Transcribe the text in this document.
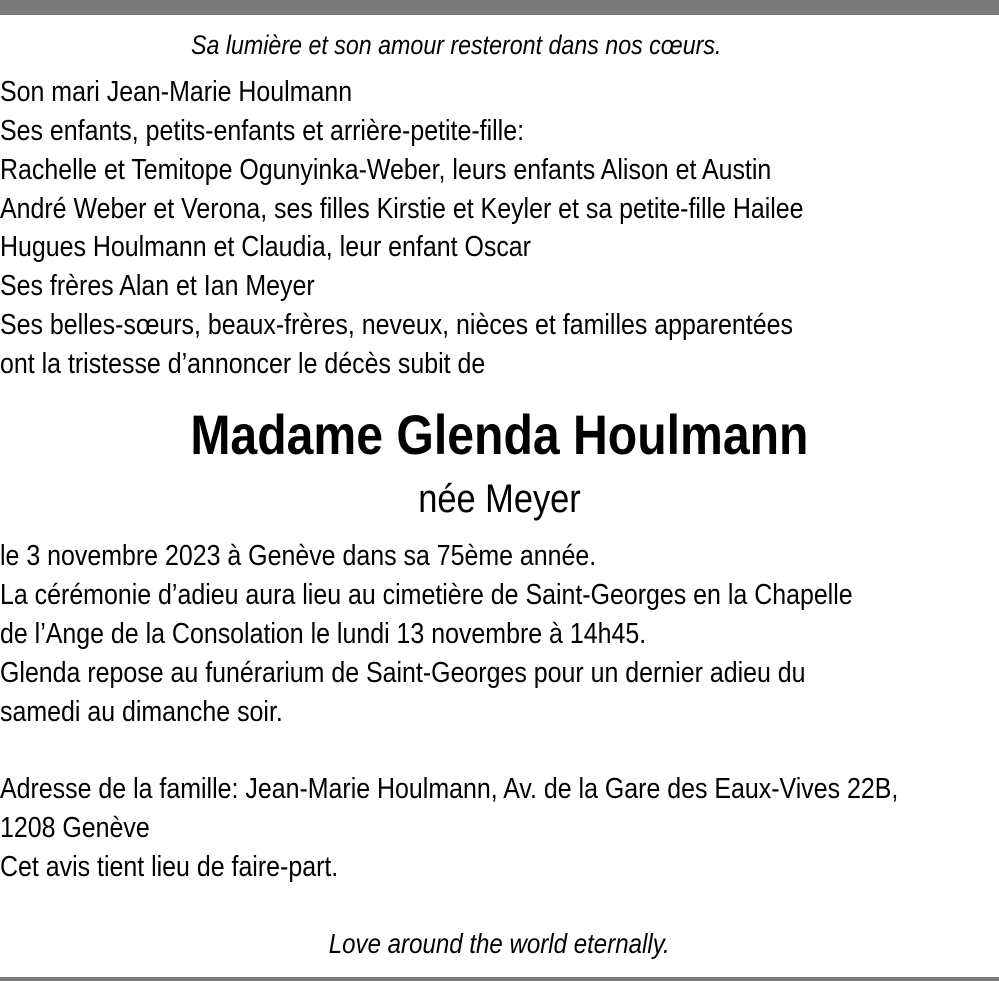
Sa lumière et son amour resteront dans nos cœurs.
Son mari Jean-Marie Houlmann
Ses enfants, petits-enfants et arrière-petite-fille:
Rachelle et Temitope Ogunyinka-Weber, leurs enfants Alison et Austin
André Weber et Verona, ses filles Kirstie et Keyler et sa petite-fille Hailee
Hugues Houlmann et Claudia, leur enfant Oscar
Ses frères Alan et Ian Meyer
Ses belles-sœurs, beaux-frères, neveux, nièces et familles apparentées
ont la tristesse d’annoncer le décès subit de
Madame Glenda Houlmann
née Meyer
le 3 novembre 2023 à Genève dans sa 75ème année.
La cérémonie d’adieu aura lieu au cimetière de Saint-Georges en la Chapelle
de l’Ange de la Consolation le lundi 13 novembre à 14h45.
Glenda repose au funérarium de Saint-Georges pour un dernier adieu du
samedi au dimanche soir.
Adresse de la famille: Jean-Marie Houlmann, Av. de la Gare des Eaux-Vives 22B,
1208 Genève
Cet avis tient lieu de faire-part.
Love around the world eternally.
